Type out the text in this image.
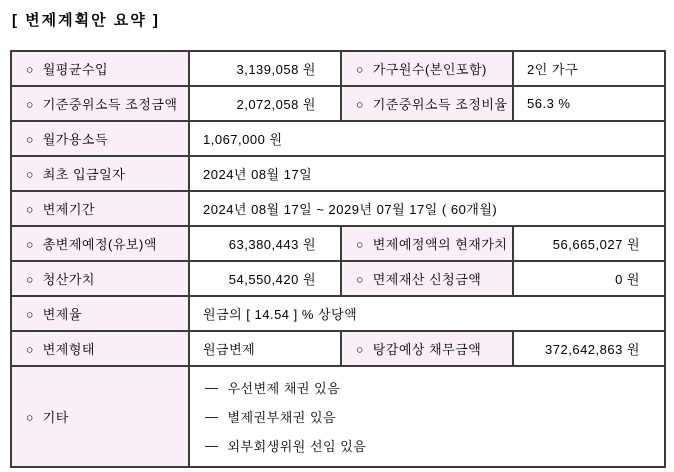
[ 변제계획안 요약 ]
○ 월평균수입	3,139,058 원	○ 가구원수(본인포함)	2인 가구
○ 기준중위소득 조정금액	2,072,058 원	○ 기준중위소득 조정비율	56.3 %
○ 월가용소득	1,067,000 원		
○ 최초 입금일자	2024년 08월 17일		
○ 변제기간	2024년 08월 17일 ~ 2029년 07월 17일 ( 60개월)		
○ 총변제예정(유보)액	63,380,443 원	○ 변제예정액의 현재가치	56,665,027 원
○ 청산가치	54,550,420 원	○ 면제재산 신청금액	0 원
○ 변제율	원금의 [ 14.54 ] % 상당액		
○ 변제형태	원금변제	○ 탕감예상 채무금액	372,642,863 원
○ 기타	
— 우선변제 채권 있음
— 별제권부채권 있음
— 외부회생위원 선임 있음
